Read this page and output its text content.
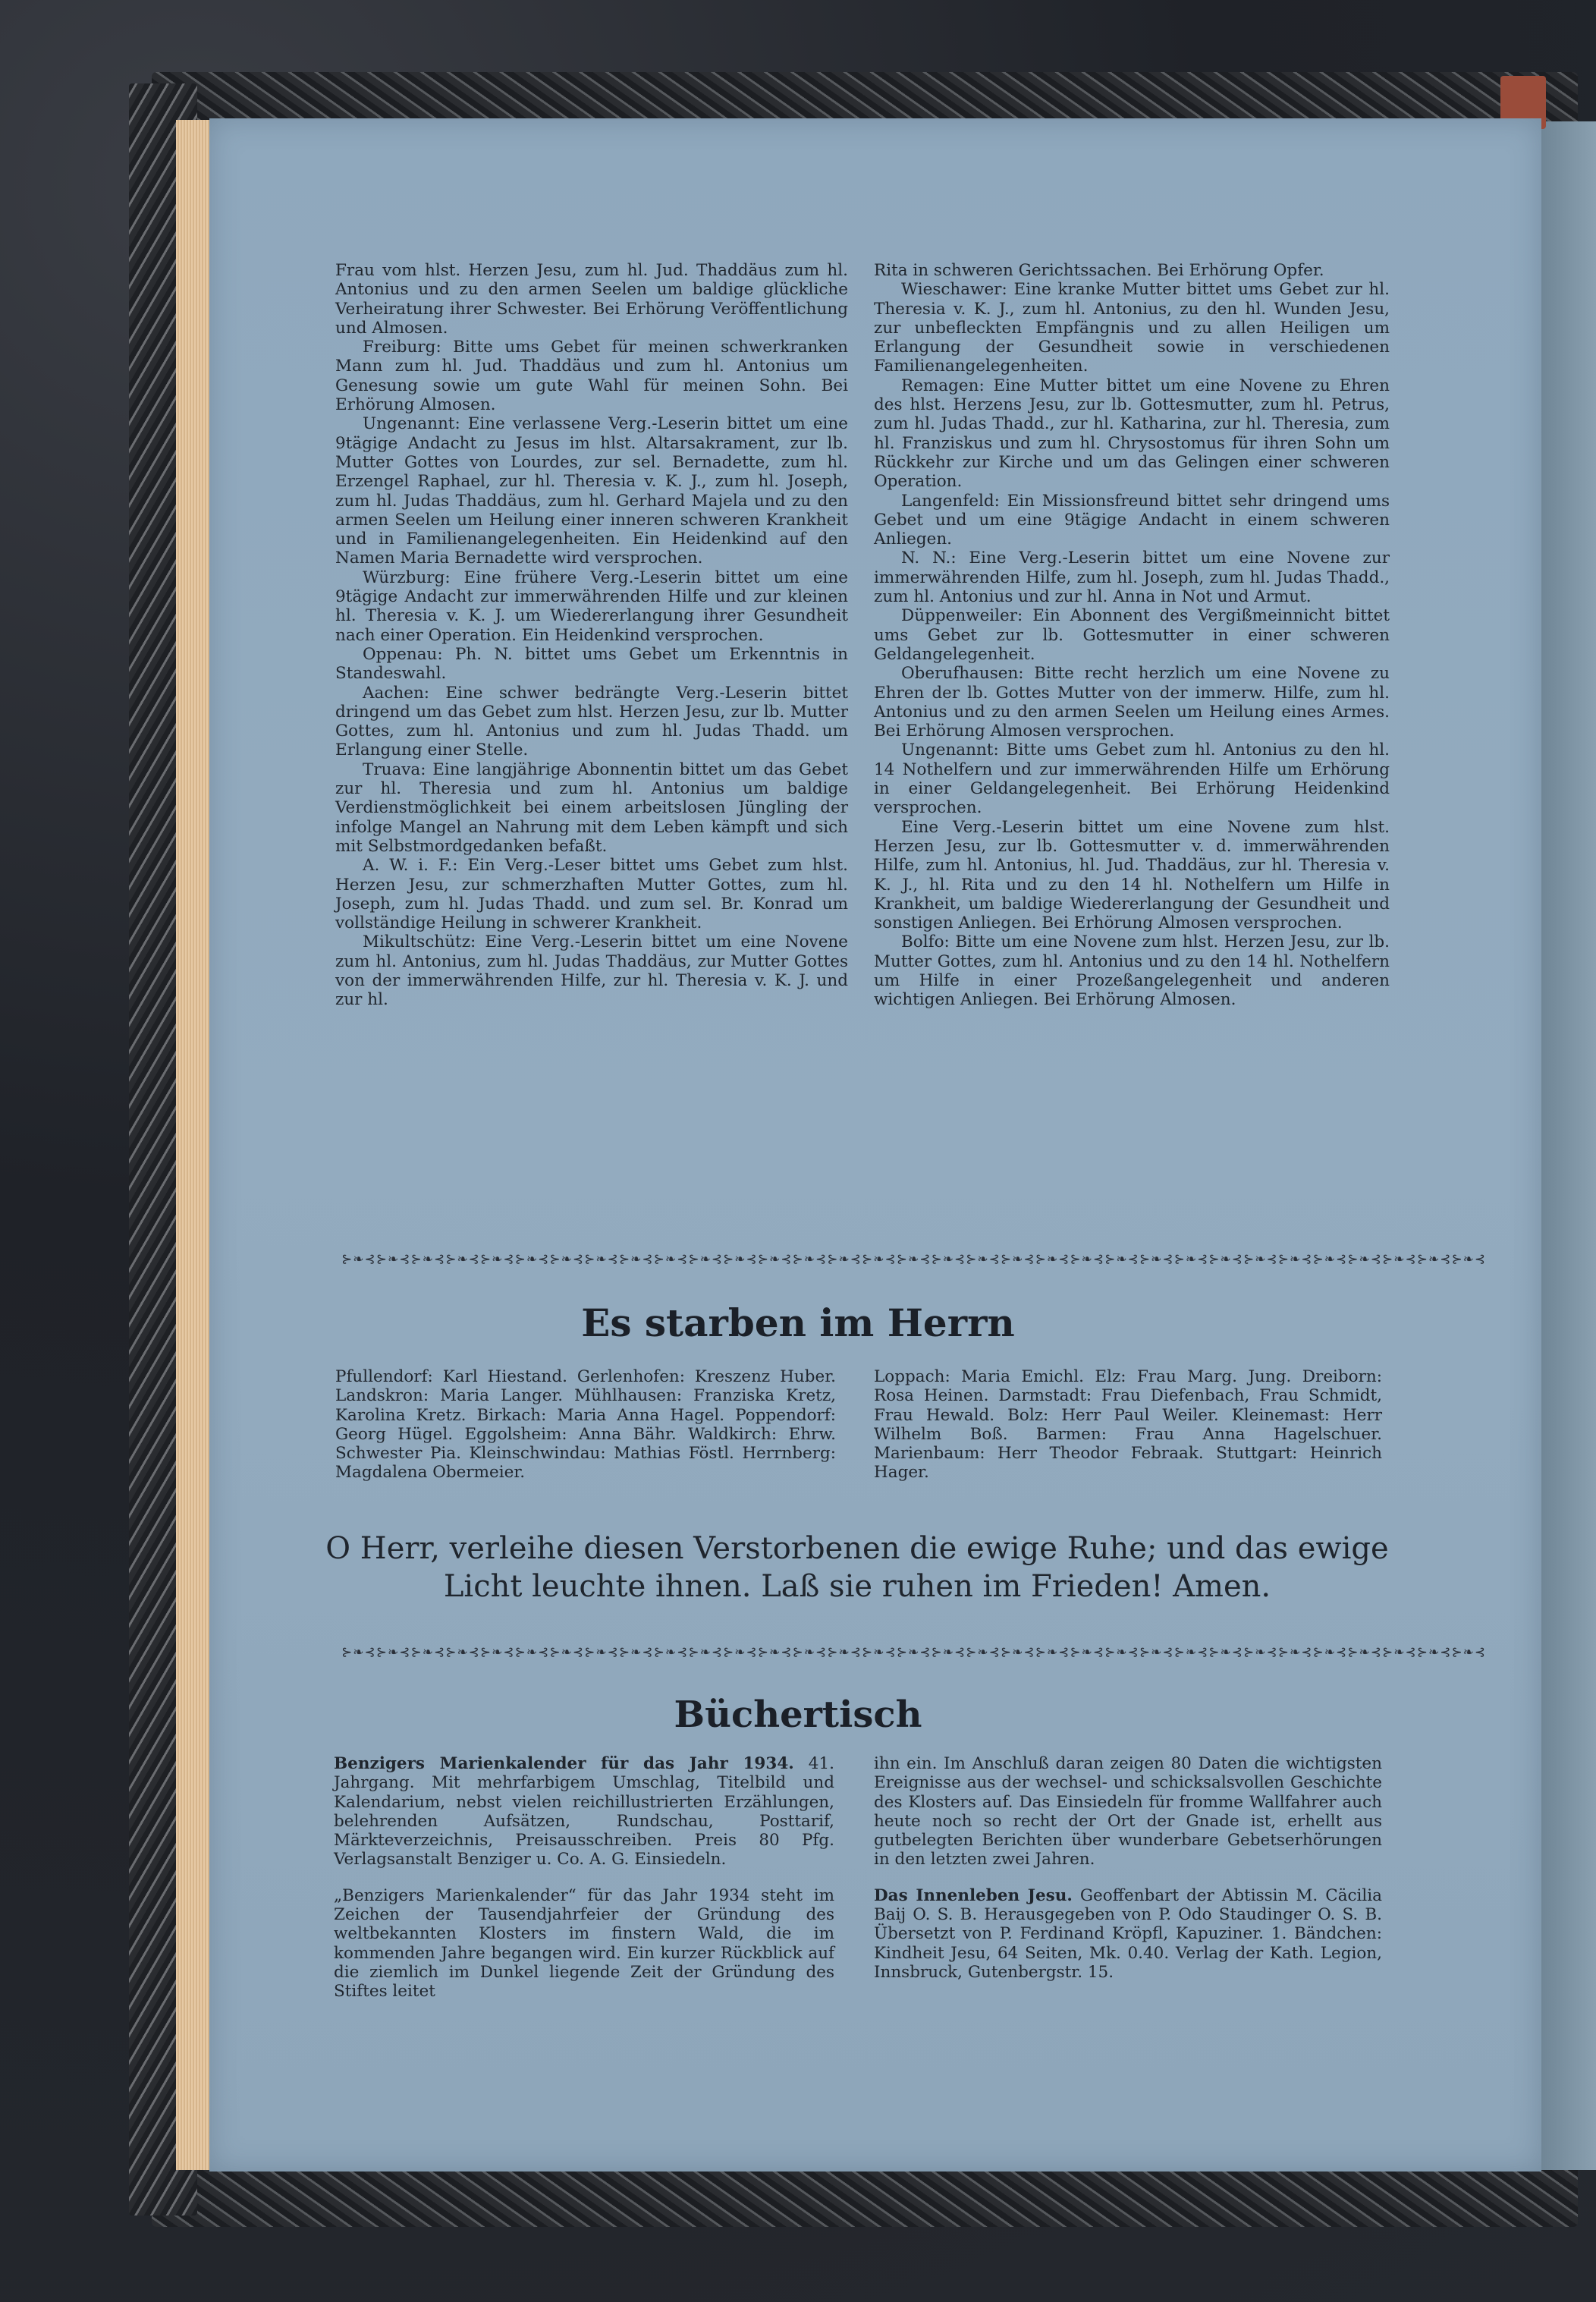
Frau vom hlst. Herzen Jesu, zum hl. Jud. Thaddäus zum hl. Antonius und zu den armen Seelen um baldige glückliche Verheiratung ihrer Schwester. Bei Erhörung Veröffentlichung und Almosen.

Freiburg: Bitte ums Gebet für meinen schwerkranken Mann zum hl. Jud. Thaddäus und zum hl. Antonius um Genesung sowie um gute Wahl für meinen Sohn. Bei Erhörung Almosen.

Ungenannt: Eine verlassene Verg.-Leserin bittet um eine 9tägige Andacht zu Jesus im hlst. Altarsakrament, zur lb. Mutter Gottes von Lourdes, zur sel. Bernadette, zum hl. Erzengel Raphael, zur hl. Theresia v. K. J., zum hl. Joseph, zum hl. Judas Thaddäus, zum hl. Gerhard Majela und zu den armen Seelen um Heilung einer inneren schweren Krankheit und in Familienangelegenheiten. Ein Heidenkind auf den Namen Maria Bernadette wird versprochen.

Würzburg: Eine frühere Verg.-Leserin bittet um eine 9tägige Andacht zur immerwährenden Hilfe und zur kleinen hl. Theresia v. K. J. um Wiedererlangung ihrer Gesundheit nach einer Operation. Ein Heidenkind versprochen.

Oppenau: Ph. N. bittet ums Gebet um Erkenntnis in Standeswahl.

Aachen: Eine schwer bedrängte Verg.-Leserin bittet dringend um das Gebet zum hlst. Herzen Jesu, zur lb. Mutter Gottes, zum hl. Antonius und zum hl. Judas Thadd. um Erlangung einer Stelle.

Truava: Eine langjährige Abonnentin bittet um das Gebet zur hl. Theresia und zum hl. Antonius um baldige Verdienstmöglichkeit bei einem arbeitslosen Jüngling der infolge Mangel an Nahrung mit dem Leben kämpft und sich mit Selbstmordgedanken befaßt.

A. W. i. F.: Ein Verg.-Leser bittet ums Gebet zum hlst. Herzen Jesu, zur schmerzhaften Mutter Gottes, zum hl. Joseph, zum hl. Judas Thadd. und zum sel. Br. Konrad um vollständige Heilung in schwerer Krankheit.

Mikultschütz: Eine Verg.-Leserin bittet um eine Novene zum hl. Antonius, zum hl. Judas Thaddäus, zur Mutter Gottes von der immerwährenden Hilfe, zur hl. Theresia v. K. J. und zur hl.

Rita in schweren Gerichtssachen. Bei Erhörung Opfer.

Wieschawer: Eine kranke Mutter bittet ums Gebet zur hl. Theresia v. K. J., zum hl. Antonius, zu den hl. Wunden Jesu, zur unbefleckten Empfängnis und zu allen Heiligen um Erlangung der Gesundheit sowie in verschiedenen Familienangelegenheiten.

Remagen: Eine Mutter bittet um eine Novene zu Ehren des hlst. Herzens Jesu, zur lb. Gottesmutter, zum hl. Petrus, zum hl. Judas Thadd., zur hl. Katharina, zur hl. Theresia, zum hl. Franziskus und zum hl. Chrysostomus für ihren Sohn um Rückkehr zur Kirche und um das Gelingen einer schweren Operation.

Langenfeld: Ein Missionsfreund bittet sehr dringend ums Gebet und um eine 9tägige Andacht in einem schweren Anliegen.

N. N.: Eine Verg.-Leserin bittet um eine Novene zur immerwährenden Hilfe, zum hl. Joseph, zum hl. Judas Thadd., zum hl. Antonius und zur hl. Anna in Not und Armut.

Düppenweiler: Ein Abonnent des Vergißmeinnicht bittet ums Gebet zur lb. Gottesmutter in einer schweren Geldangelegenheit.

Oberufhausen: Bitte recht herzlich um eine Novene zu Ehren der lb. Gottes Mutter von der immerw. Hilfe, zum hl. Antonius und zu den armen Seelen um Heilung eines Armes. Bei Erhörung Almosen versprochen.

Ungenannt: Bitte ums Gebet zum hl. Antonius zu den hl. 14 Nothelfern und zur immerwährenden Hilfe um Erhörung in einer Geldangelegenheit. Bei Erhörung Heidenkind versprochen.

Eine Verg.-Leserin bittet um eine Novene zum hlst. Herzen Jesu, zur lb. Gottesmutter v. d. immerwährenden Hilfe, zum hl. Antonius, hl. Jud. Thaddäus, zur hl. Theresia v. K. J., hl. Rita und zu den 14 hl. Nothelfern um Hilfe in Krankheit, um baldige Wiedererlangung der Gesundheit und sonstigen Anliegen. Bei Erhörung Almosen versprochen.

Bolfo: Bitte um eine Novene zum hlst. Herzen Jesu, zur lb. Mutter Gottes, zum hl. Antonius und zu den 14 hl. Nothelfern um Hilfe in einer Prozeßangelegenheit und anderen wichtigen Anliegen. Bei Erhörung Almosen.

⊱❧⊰⊱❧⊰⊱❧⊰⊱❧⊰⊱❧⊰⊱❧⊰⊱❧⊰⊱❧⊰⊱❧⊰⊱❧⊰⊱❧⊰⊱❧⊰⊱❧⊰⊱❧⊰⊱❧⊰⊱❧⊰⊱❧⊰⊱❧⊰⊱❧⊰⊱❧⊰⊱❧⊰⊱❧⊰⊱❧⊰⊱❧⊰⊱❧⊰⊱❧⊰⊱❧⊰⊱❧⊰⊱❧⊰⊱❧⊰⊱❧⊰⊱❧⊰⊱❧⊰
Es starben im Herrn

Pfullendorf: Karl Hiestand. Gerlenhofen: Kreszenz Huber. Landskron: Maria Langer. Mühlhausen: Franziska Kretz, Karolina Kretz. Birkach: Maria Anna Hagel. Poppendorf: Georg Hügel. Eggolsheim: Anna Bähr. Waldkirch: Ehrw. Schwester Pia. Kleinschwindau: Mathias Föstl. Herrnberg: Magdalena Obermeier.

Loppach: Maria Emichl. Elz: Frau Marg. Jung. Dreiborn: Rosa Heinen. Darmstadt: Frau Diefenbach, Frau Schmidt, Frau Hewald. Bolz: Herr Paul Weiler. Kleinemast: Herr Wilhelm Boß. Barmen: Frau Anna Hagelschuer. Marienbaum: Herr Theodor Febraak. Stuttgart: Heinrich Hager.

O Herr, verleihe diesen Verstorbenen die ewige Ruhe; und das ewige
Licht leuchte ihnen. Laß sie ruhen im Frieden! Amen.
⊱❧⊰⊱❧⊰⊱❧⊰⊱❧⊰⊱❧⊰⊱❧⊰⊱❧⊰⊱❧⊰⊱❧⊰⊱❧⊰⊱❧⊰⊱❧⊰⊱❧⊰⊱❧⊰⊱❧⊰⊱❧⊰⊱❧⊰⊱❧⊰⊱❧⊰⊱❧⊰⊱❧⊰⊱❧⊰⊱❧⊰⊱❧⊰⊱❧⊰⊱❧⊰⊱❧⊰⊱❧⊰⊱❧⊰⊱❧⊰⊱❧⊰⊱❧⊰⊱❧⊰
Büchertisch

Benzigers Marienkalender für das Jahr 1934. 41. Jahrgang. Mit mehrfarbigem Umschlag, Titelbild und Kalendarium, nebst vielen reichillustrierten Erzählungen, belehrenden Aufsätzen, Rundschau, Posttarif, Märkteverzeichnis, Preisausschreiben. Preis 80 Pfg. Verlagsanstalt Benziger u. Co. A. G. Einsiedeln.

„Benzigers Marienkalender“ für das Jahr 1934 steht im Zeichen der Tausendjahrfeier der Gründung des weltbekannten Klosters im finstern Wald, die im kommenden Jahre begangen wird. Ein kurzer Rückblick auf die ziemlich im Dunkel liegende Zeit der Gründung des Stiftes leitet

ihn ein. Im Anschluß daran zeigen 80 Daten die wichtigsten Ereignisse aus der wechsel- und schicksalsvollen Geschichte des Klosters auf. Das Einsiedeln für fromme Wallfahrer auch heute noch so recht der Ort der Gnade ist, erhellt aus gutbelegten Berichten über wunderbare Gebetserhörungen in den letzten zwei Jahren.

Das Innenleben Jesu. Geoffenbart der Abtissin M. Cäcilia Baij O. S. B. Herausgegeben von P. Odo Staudinger O. S. B. Übersetzt von P. Ferdinand Kröpfl, Kapuziner. 1. Bändchen: Kindheit Jesu, 64 Seiten, Mk. 0.40. Verlag der Kath. Legion, Innsbruck, Gutenbergstr. 15.
